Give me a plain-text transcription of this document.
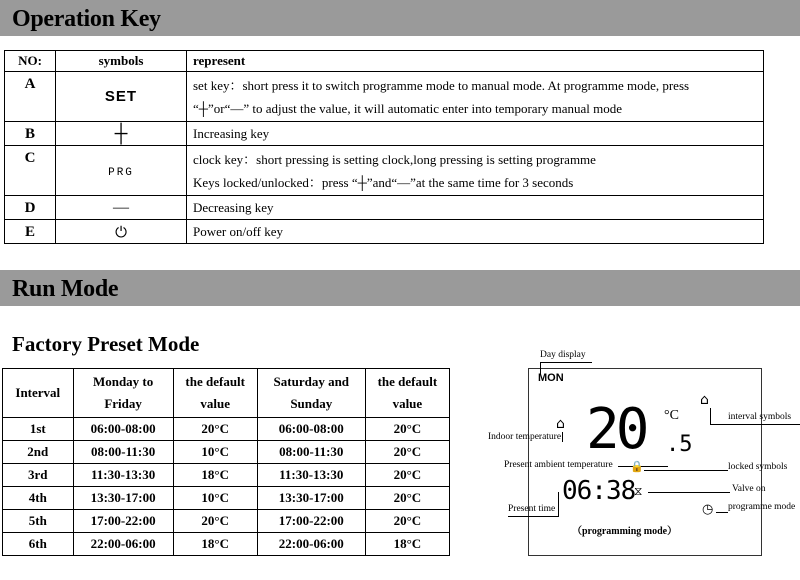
Operation Key
NO:	symbols	represent
A	SET	set key：short press it to switch programme mode to manual mode. At programme mode, press
“┼”or“—” to adjust the value, it will automatic enter into temporary manual mode

B	┼	Increasing key
C	PRG	clock key：short pressing is setting clock,long pressing is setting programme
Keys locked/unlocked：press “┼”and“—”at the same time for 3 seconds

D	—	Decreasing key
E	⏻	Power on/off key
Run Mode
Factory Preset Mode
Interval	Monday to Friday	the default value	Saturday and Sunday	the default value
1st	06:00-08:00	20°C	06:00-08:00	20°C
2nd	08:00-11:30	10°C	08:00-11:30	20°C
3rd	11:30-13:30	18°C	11:30-13:30	20°C
4th	13:30-17:00	10°C	13:30-17:00	20°C
5th	17:00-22:00	20°C	17:00-22:00	20°C
6th	22:00-06:00	18°C	22:00-06:00	18°C
Day display
MON
Indoor temperature
⌂ 20 .5
°C
⌂
interval symbols
Present ambient temperature 🔒	locked symbols
06:38
⧖	Valve on
programme mode
◷
Present time
（programming mode）
